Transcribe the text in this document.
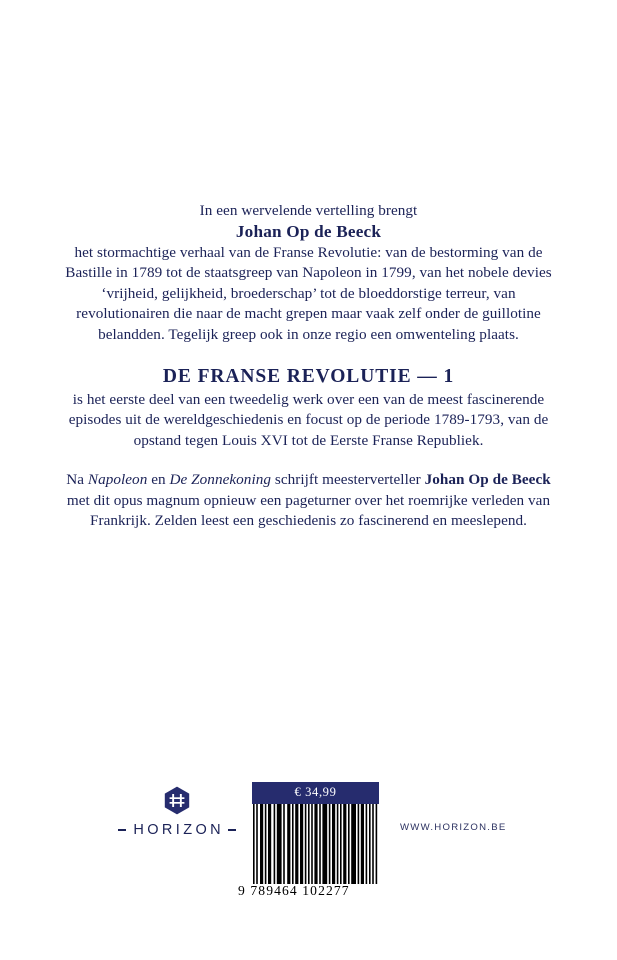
In een wervelende vertelling brengt
Johan Op de Beeck
het stormachtige verhaal van de Franse Revolutie: van de bestorming van de Bastille in 1789 tot de staatsgreep van Napoleon in 1799, van het nobele devies ‘vrijheid, gelijkheid, broederschap’ tot de bloeddorstige terreur, van revolutionairen die naar de macht grepen maar vaak zelf onder de guillotine belandden. Tegelijk greep ook in onze regio een omwenteling plaats.

DE FRANSE REVOLUTIE — 1
is het eerste deel van een tweedelig werk over een van de meest fascinerende episodes uit de wereldgeschiedenis en focust op de periode 1789-1793, van de opstand tegen Louis XVI tot de Eerste Franse Republiek.

Na Napoleon en De Zonnekoning schrijft meesterverteller Johan Op de Beeck met dit opus magnum opnieuw een pageturner over het roemrijke verleden van Frankrijk. Zelden leest een geschiedenis zo fascinerend en meeslepend.

HORIZON
€ 34,99
9 789464 102277
WWW.HORIZON.BE
